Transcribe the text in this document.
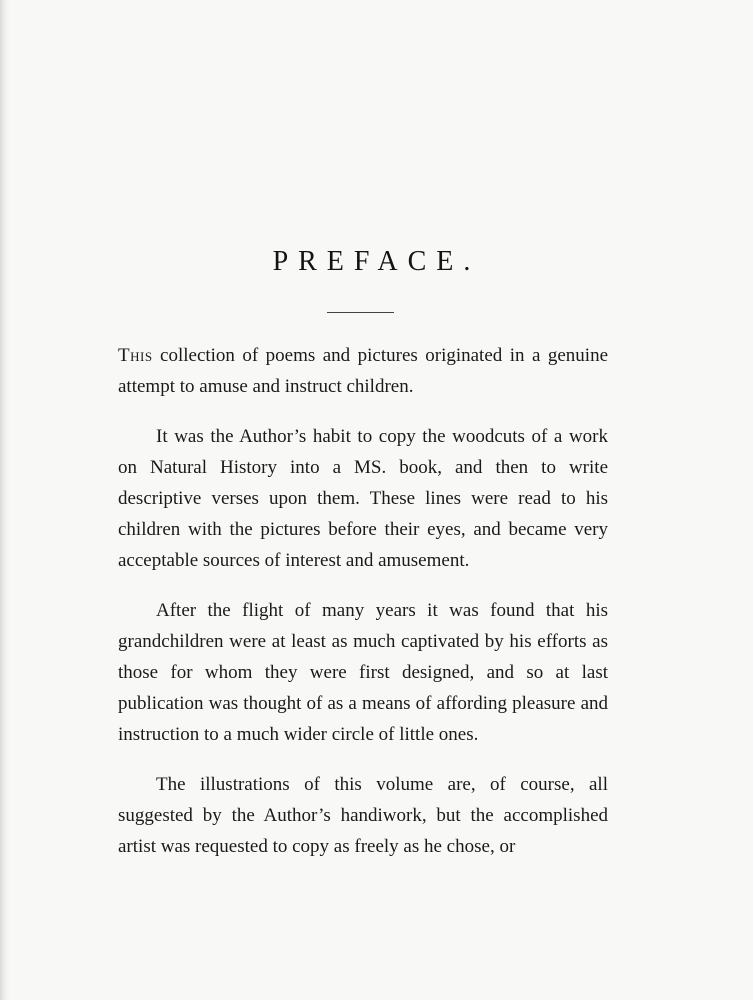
PREFACE.

This collection of poems and pictures originated in a genuine attempt to amuse and instruct children.

It was the Author’s habit to copy the woodcuts of a work on Natural History into a MS. book, and then to write descriptive verses upon them. These lines were read to his children with the pictures before their eyes, and became very acceptable sources of interest and amusement.

After the flight of many years it was found that his grandchildren were at least as much captivated by his efforts as those for whom they were first designed, and so at last publication was thought of as a means of affording pleasure and instruction to a much wider circle of little ones.

The illustrations of this volume are, of course, all suggested by the Author’s handiwork, but the accomplished artist was requested to copy as freely as he chose, or
